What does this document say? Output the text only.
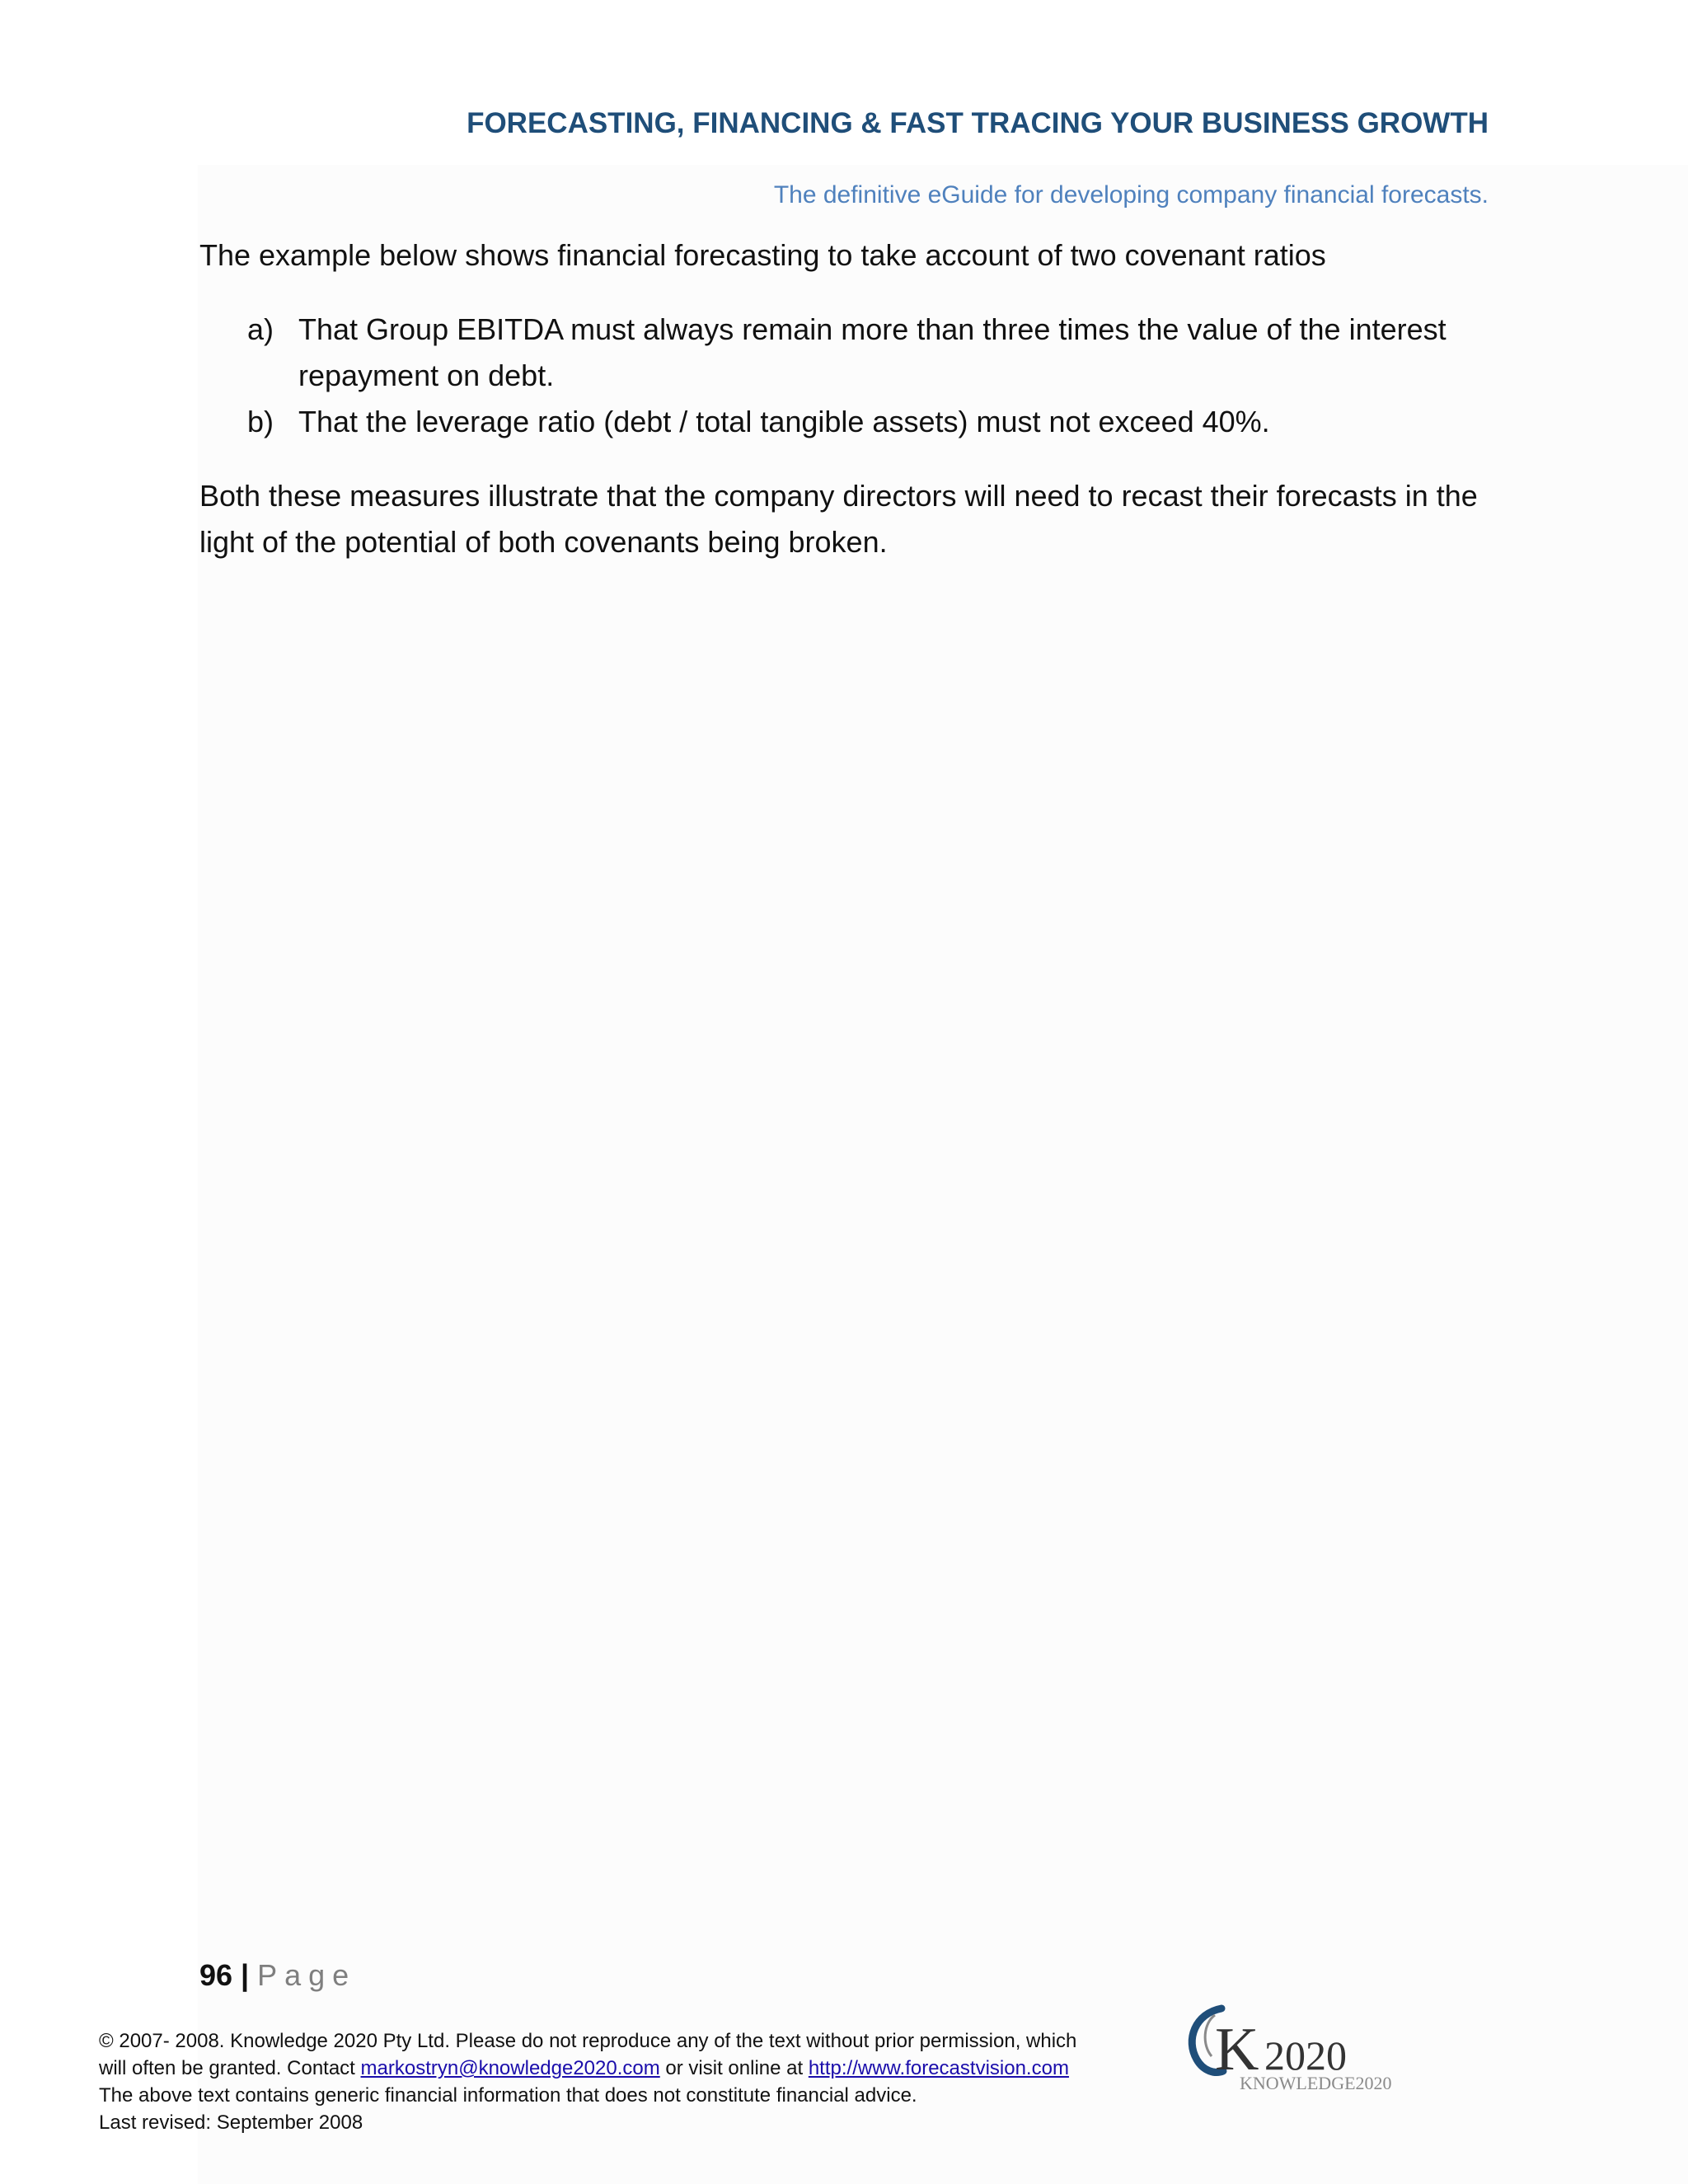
FORECASTING, FINANCING & FAST TRACING YOUR BUSINESS GROWTH
The definitive eGuide for developing company financial forecasts.
The example below shows financial forecasting to take account of two covenant ratios
a) That Group EBITDA must always remain more than three times the value of the interest repayment on debt.
b) That the leverage ratio (debt / total tangible assets) must not exceed 40%.
Both these measures illustrate that the company directors will need to recast their forecasts in the light of the potential of both covenants being broken.
96 | Page
© 2007- 2008. Knowledge 2020 Pty Ltd. Please do not reproduce any of the text without prior permission, which
will often be granted. Contact markostryn@knowledge2020.com or visit online at http://www.forecastvision.com
The above text contains generic financial information that does not constitute financial advice.
Last revised: September 2008
K 2020
KNOWLEDGE2020
